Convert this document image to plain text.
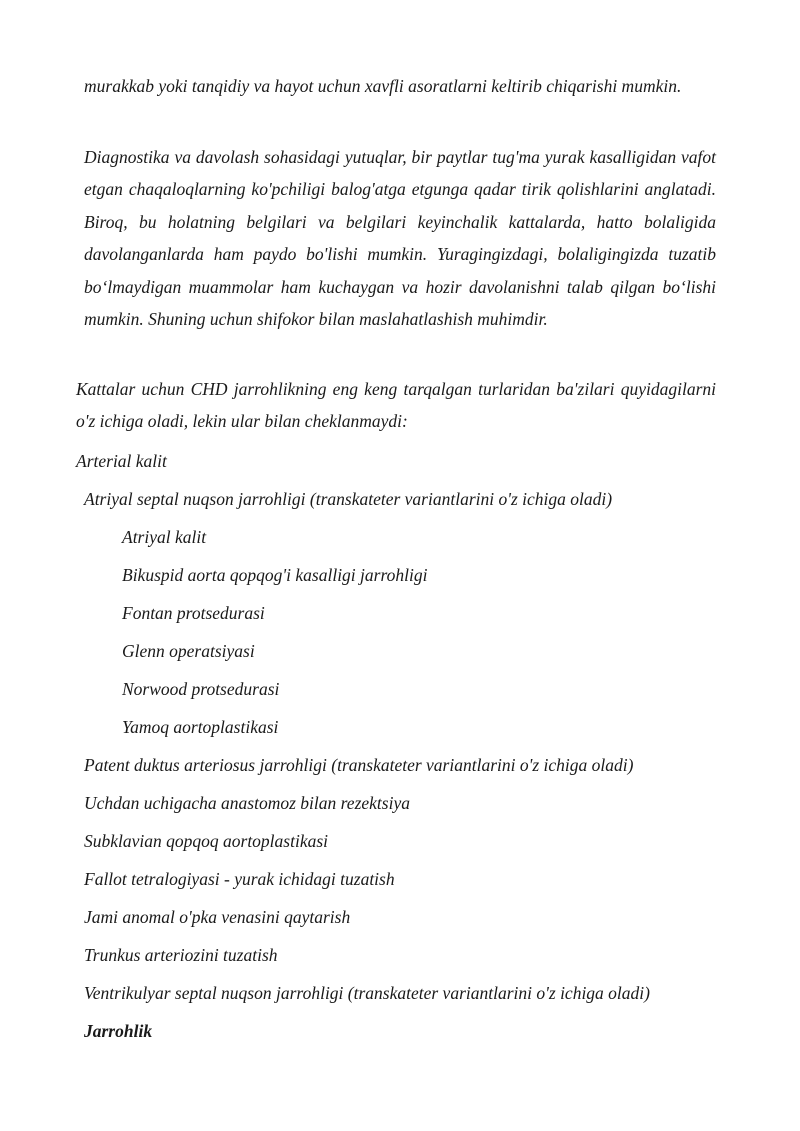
murakkab yoki tanqidiy va hayot uchun xavfli asoratlarni keltirib chiqarishi mumkin.

Diagnostika va davolash sohasidagi yutuqlar, bir paytlar tug'ma yurak kasalligidan vafot etgan chaqaloqlarning ko'pchiligi balog'atga etgunga qadar tirik qolishlarini anglatadi. Biroq, bu holatning belgilari va belgilari keyinchalik kattalarda, hatto bolaligida davolanganlarda ham paydo bo'lishi mumkin. Yuragingizdagi, bolaligingizda tuzatib bo‘lmaydigan muammolar ham kuchaygan va hozir davolanishni talab qilgan bo‘lishi mumkin. Shuning uchun shifokor bilan maslahatlashish muhimdir.

Kattalar uchun CHD jarrohlikning eng keng tarqalgan turlaridan ba'zilari quyidagilarni o'z ichiga oladi, lekin ular bilan cheklanmaydi:

Arterial kalit
Atriyal septal nuqson jarrohligi (transkateter variantlarini o'z ichiga oladi)
Atriyal kalit
Bikuspid aorta qopqog'i kasalligi jarrohligi
Fontan protsedurasi
Glenn operatsiyasi
Norwood protsedurasi
Yamoq aortoplastikasi
Patent duktus arteriosus jarrohligi (transkateter variantlarini o'z ichiga oladi)
Uchdan uchigacha anastomoz bilan rezektsiya
Subklavian qopqoq aortoplastikasi
Fallot tetralogiyasi - yurak ichidagi tuzatish
Jami anomal o'pka venasini qaytarish
Trunkus arteriozini tuzatish
Ventrikulyar septal nuqson jarrohligi (transkateter variantlarini o'z ichiga oladi)
Jarrohlik
